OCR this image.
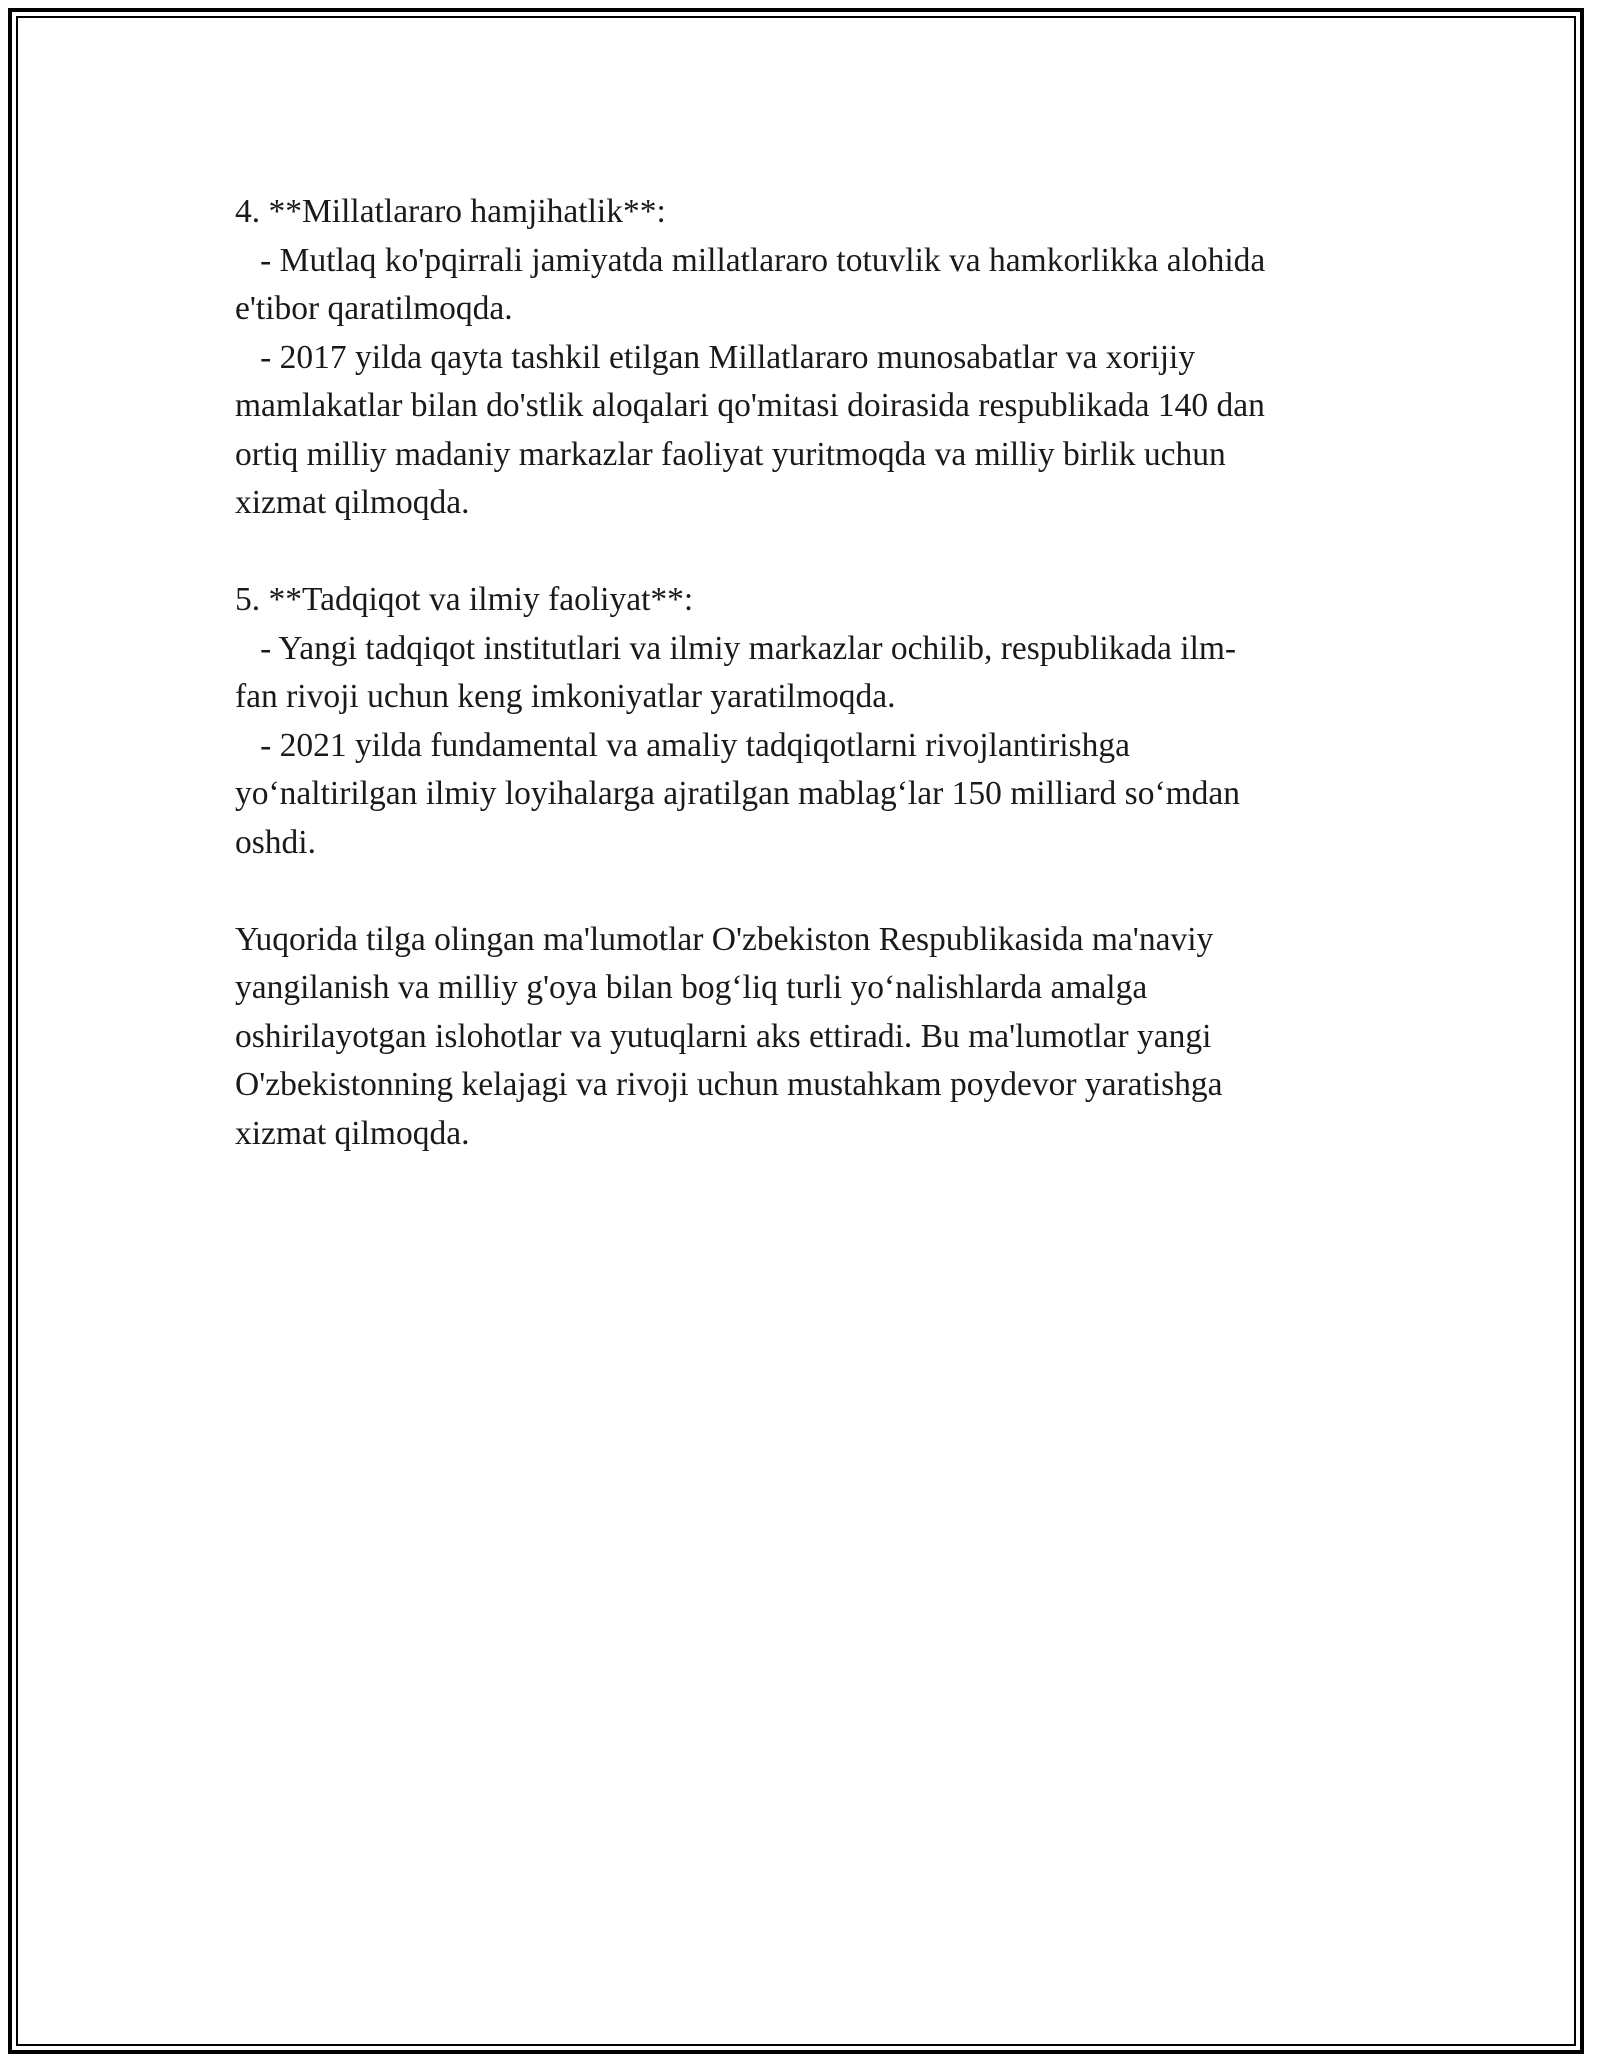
4. **Millatlararo hamjihatlik**:
- Mutlaq ko'pqirrali jamiyatda millatlararo totuvlik va hamkorlikka alohida
e'tibor qaratilmoqda.
- 2017 yilda qayta tashkil etilgan Millatlararo munosabatlar va xorijiy
mamlakatlar bilan do'stlik aloqalari qo'mitasi doirasida respublikada 140 dan
ortiq milliy madaniy markazlar faoliyat yuritmoqda va milliy birlik uchun
xizmat qilmoqda.
5. **Tadqiqot va ilmiy faoliyat**:
- Yangi tadqiqot institutlari va ilmiy markazlar ochilib, respublikada ilm-
fan rivoji uchun keng imkoniyatlar yaratilmoqda.
- 2021 yilda fundamental va amaliy tadqiqotlarni rivojlantirishga
yo‘naltirilgan ilmiy loyihalarga ajratilgan mablag‘lar 150 milliard so‘mdan
oshdi.
Yuqorida tilga olingan ma'lumotlar O'zbekiston Respublikasida ma'naviy
yangilanish va milliy g'oya bilan bog‘liq turli yo‘nalishlarda amalga
oshirilayotgan islohotlar va yutuqlarni aks ettiradi. Bu ma'lumotlar yangi
O'zbekistonning kelajagi va rivoji uchun mustahkam poydevor yaratishga
xizmat qilmoqda.
